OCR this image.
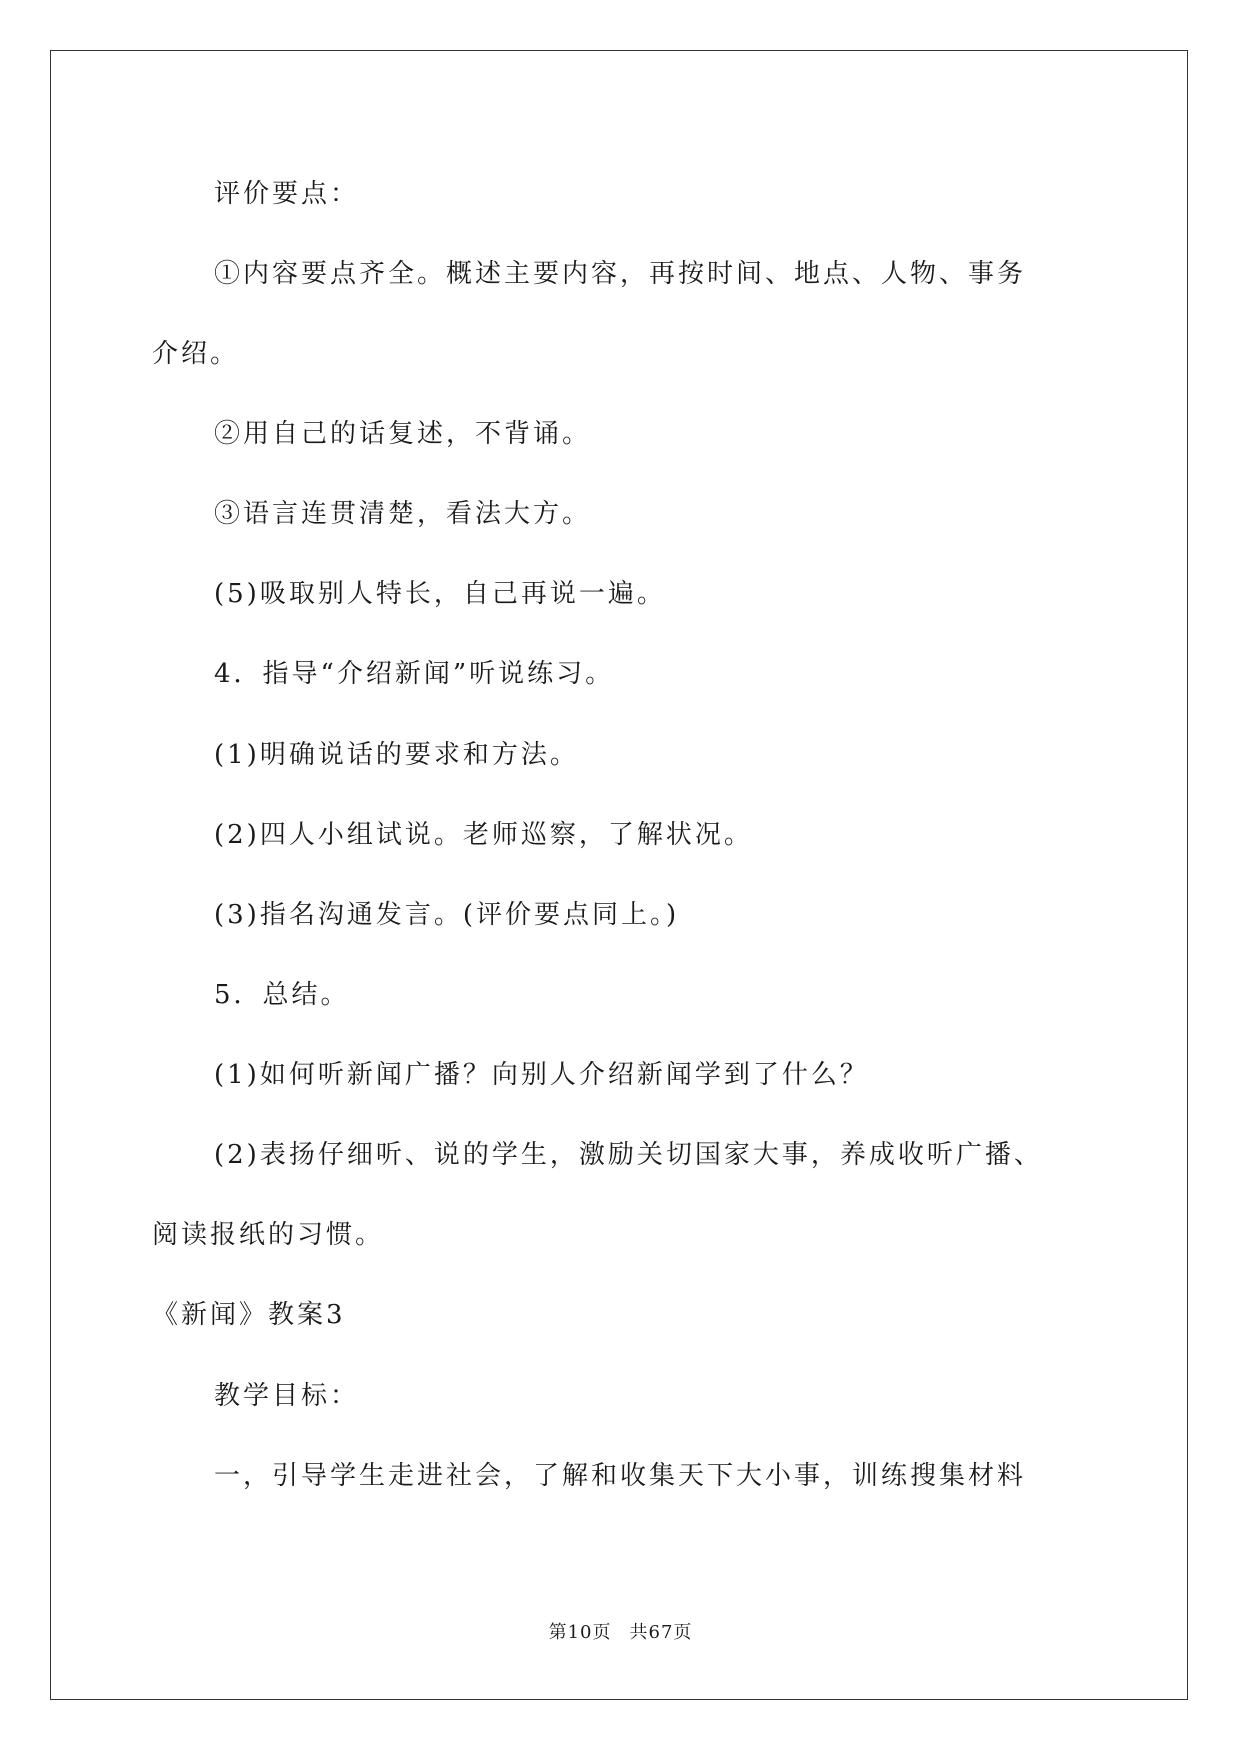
评价要点：
①内容要点齐全。概述主要内容，再按时间、地点、人物、事务
介绍。
②用自己的话复述，不背诵。
③语言连贯清楚，看法大方。
(5)吸取别人特长，自己再说一遍。
4．指导“介绍新闻”听说练习。
(1)明确说话的要求和方法。
(2)四人小组试说。老师巡察，了解状况。
(3)指名沟通发言。(评价要点同上。)
5．总结。
(1)如何听新闻广播？向别人介绍新闻学到了什么？
(2)表扬仔细听、说的学生，激励关切国家大事，养成收听广播、
阅读报纸的习惯。
《新闻》教案3
教学目标：
一，引导学生走进社会，了解和收集天下大小事，训练搜集材料
第10页 共67页
